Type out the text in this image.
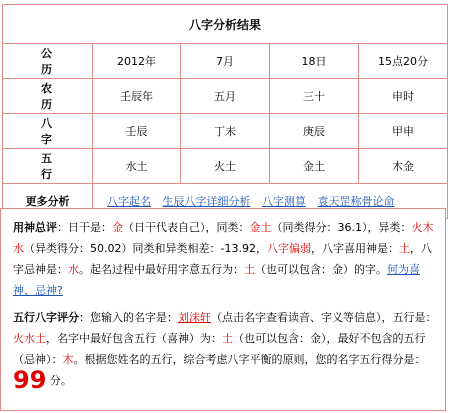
八字分析结果				
公 历	2012年	7月	18日	15点20分
农 历	壬辰年	五月	三十	申时
八 字	壬辰	丁未	庚辰	甲申
五 行	水土	火土	金土	木金
更多分析	八字起名 生辰八字详细分析 八字测算 袁天罡称骨论命			

用神总评：日干是：金（日干代表自己），同类：金土（同类得分：36.1），异类：火木水（异类得分：50.02）同类和异类相差：-13.92，八字偏弱，八字喜用神是：土，八字忌神是：水。起名过程中最好用字意五行为：土（也可以包含：金）的字。何为喜神、忌神?

五行八字评分：您输入的名字是：刘沫轩（点击名字查看读音、字义等信息），五行是：火水土，名字中最好包含五行（喜神）为：土（也可以包含：金），最好不包含的五行（忌神）：木。根据您姓名的五行，综合考虑八字平衡的原则，您的名字五行得分是：99 分。
